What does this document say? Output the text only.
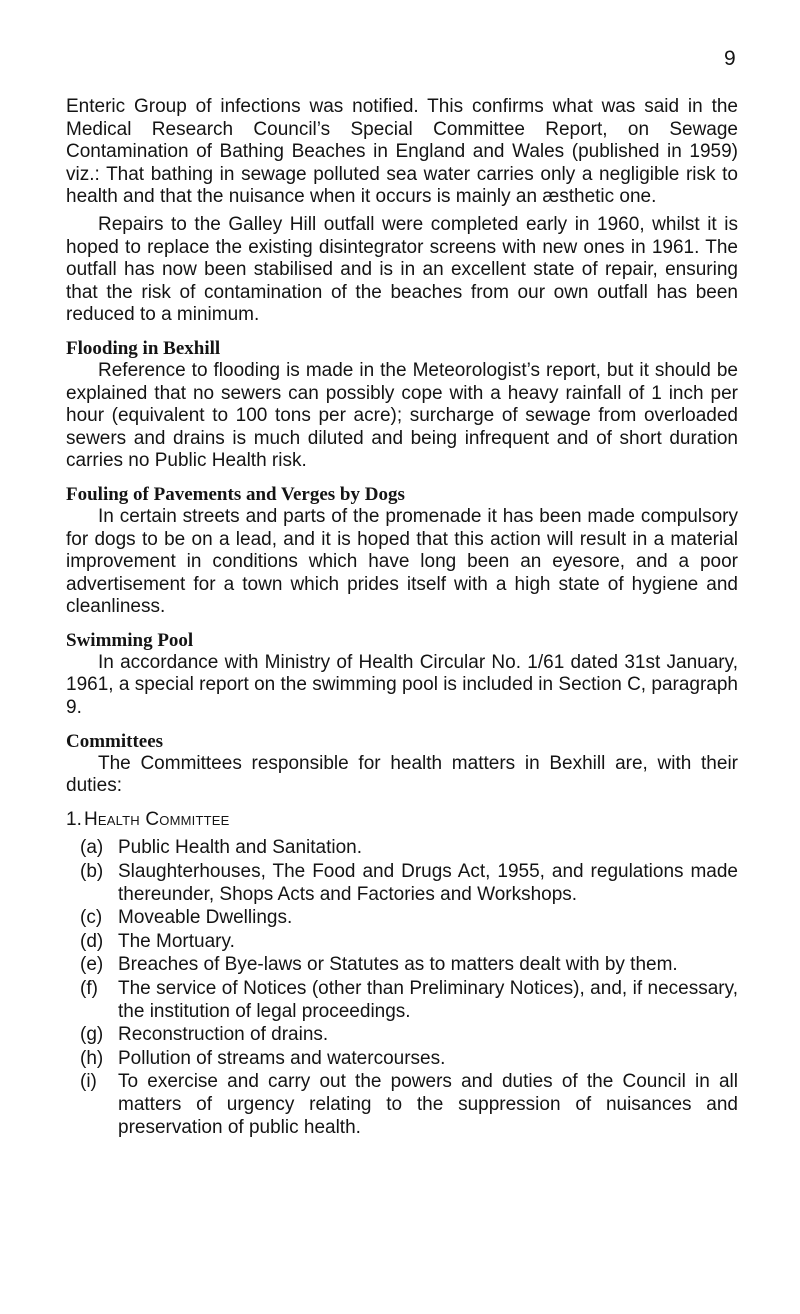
9

Enteric Group of infections was notified. This confirms what was said in the Medical Research Council’s Special Committee Report, on Sewage Contamination of Bathing Beaches in England and Wales (published in 1959) viz.: That bathing in sewage polluted sea water carries only a negligible risk to health and that the nuisance when it occurs is mainly an æsthetic one.

Repairs to the Galley Hill outfall were completed early in 1960, whilst it is hoped to replace the existing disintegrator screens with new ones in 1961. The outfall has now been stabilised and is in an excellent state of repair, ensuring that the risk of contamination of the beaches from our own outfall has been reduced to a minimum.

Flooding in Bexhill

Reference to flooding is made in the Meteorologist’s report, but it should be explained that no sewers can possibly cope with a heavy rainfall of 1 inch per hour (equivalent to 100 tons per acre); surcharge of sewage from overloaded sewers and drains is much diluted and being infrequent and of short duration carries no Public Health risk.

Fouling of Pavements and Verges by Dogs

In certain streets and parts of the promenade it has been made compulsory for dogs to be on a lead, and it is hoped that this action will result in a material improvement in conditions which have long been an eyesore, and a poor advertisement for a town which prides itself with a high state of hygiene and cleanliness.

Swimming Pool

In accordance with Ministry of Health Circular No. 1/61 dated 31st January, 1961, a special report on the swimming pool is included in Section C, paragraph 9.

Committees

The Committees responsible for health matters in Bexhill are, with their duties:

1. Health Committee
(a) Public Health and Sanitation.
(b) Slaughterhouses, The Food and Drugs Act, 1955, and regulations made thereunder, Shops Acts and Factories and Workshops.
(c) Moveable Dwellings.
(d) The Mortuary.
(e) Breaches of Bye-laws or Statutes as to matters dealt with by them.
(f)	The service of Notices (other than Preliminary Notices), and, if necessary, the institution of legal proceedings.
(g) Reconstruction of drains.
(h) Pollution of streams and watercourses.
(i)	To exercise and carry out the powers and duties of the Council in all matters of urgency relating to the suppression of nuisances and preservation of public health.
